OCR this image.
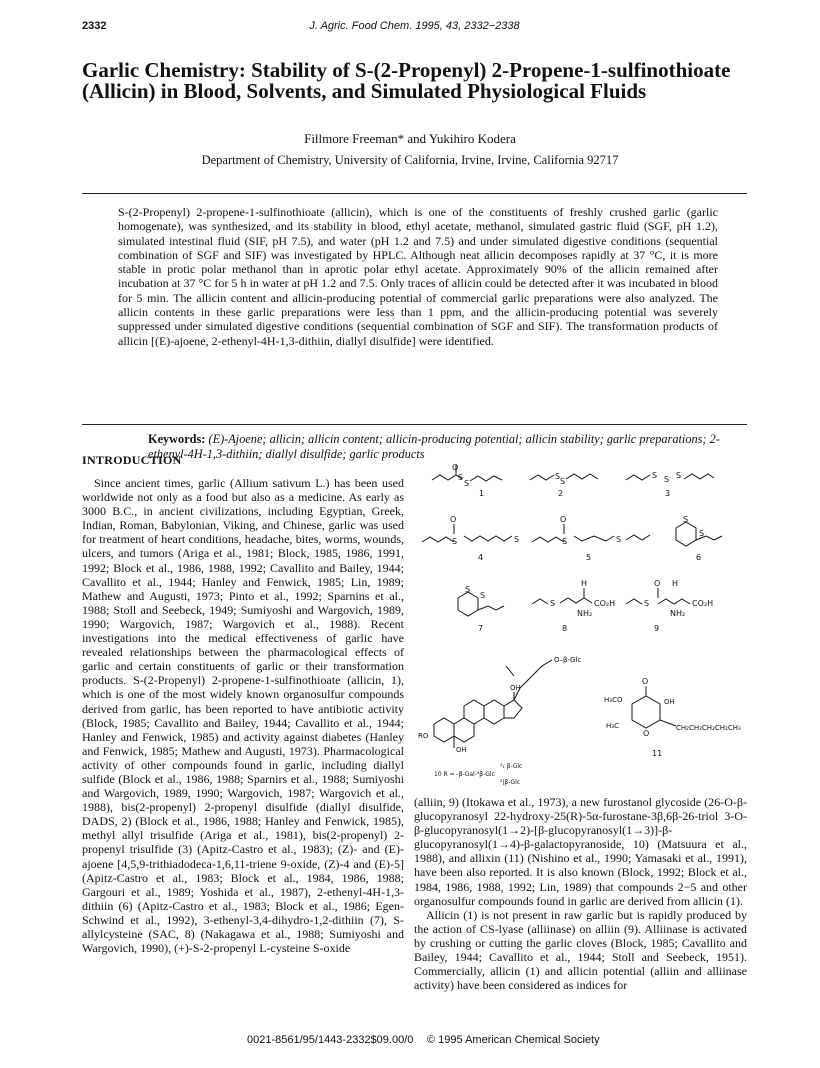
2332	J. Agric. Food Chem. 1995, 43, 2332−2338
Garlic Chemistry: Stability of S-(2-Propenyl) 2-Propene-1-sulfinothioate (Allicin) in Blood, Solvents, and Simulated Physiological Fluids
Fillmore Freeman* and Yukihiro Kodera
Department of Chemistry, University of California, Irvine, Irvine, California 92717

S-(2-Propenyl) 2-propene-1-sulfinothioate (allicin), which is one of the constituents of freshly crushed garlic (garlic homogenate), was synthesized, and its stability in blood, ethyl acetate, methanol, simulated gastric fluid (SGF, pH 1.2), simulated intestinal fluid (SIF, pH 7.5), and water (pH 1.2 and 7.5) and under simulated digestive conditions (sequential combination of SGF and SIF) was investigated by HPLC. Although neat allicin decomposes rapidly at 37 °C, it is more stable in protic polar methanol than in aprotic polar ethyl acetate. Approximately 90% of the allicin remained after incubation at 37 °C for 5 h in water at pH 1.2 and 7.5. Only traces of allicin could be detected after it was incubated in blood for 5 min. The allicin content and allicin-producing potential of commercial garlic preparations were also analyzed. The allicin contents in these garlic preparations were less than 1 ppm, and the allicin-producing potential was severely suppressed under simulated digestive conditions (sequential combination of SGF and SIF). The transformation products of allicin [(E)-ajoene, 2-ethenyl-4H-1,3-dithiin, diallyl disulfide] were identified.

Keywords: (E)-Ajoene; allicin; allicin content; allicin-producing potential; allicin stability; garlic preparations; 2-ethenyl-4H-1,3-dithiin; diallyl disulfide; garlic products

INTRODUCTION

Since ancient times, garlic (Allium sativum L.) has been used worldwide not only as a food but also as a medicine. As early as 3000 B.C., in ancient civilizations, including Egyptian, Greek, Indian, Roman, Babylonian, Viking, and Chinese, garlic was used for treatment of heart conditions, headache, bites, worms, wounds, ulcers, and tumors (Ariga et al., 1981; Block, 1985, 1986, 1991, 1992; Block et al., 1986, 1988, 1992; Cavallito and Bailey, 1944; Cavallito et al., 1944; Hanley and Fenwick, 1985; Lin, 1989; Mathew and Augusti, 1973; Pinto et al., 1992; Sparnins et al., 1988; Stoll and Seebeck, 1949; Sumiyoshi and Wargovich, 1989, 1990; Wargovich, 1987; Wargovich et al., 1988). Recent investigations into the medical effectiveness of garlic have revealed relationships between the pharmacological effects of garlic and certain constituents of garlic or their transformation products. S-(2-Propenyl) 2-propene-1-sulfinothioate (allicin, 1), which is one of the most widely known organosulfur compounds derived from garlic, has been reported to have antibiotic activity (Block, 1985; Cavallito and Bailey, 1944; Cavallito et al., 1944; Hanley and Fenwick, 1985) and activity against diabetes (Hanley and Fenwick, 1985; Mathew and Augusti, 1973). Pharmacological activity of other compounds found in garlic, including diallyl sulfide (Block et al., 1986, 1988; Sparnirs et al., 1988; Sumiyoshi and Wargovich, 1989, 1990; Wargovich, 1987; Wargovich et al., 1988), bis(2-propenyl) 2-propenyl disulfide (diallyl disulfide, DADS, 2) (Block et al., 1986, 1988; Hanley and Fenwick, 1985), methyl allyl trisulfide (Ariga et al., 1981), bis(2-propenyl) 2-propenyl trisulfide (3) (Apitz-Castro et al., 1983); (Z)- and (E)-ajoene [4,5,9-trithiadodeca-1,6,11-triene 9-oxide, (Z)-4 and (E)-5] (Apitz-Castro et al., 1983; Block et al., 1984, 1986, 1988; Gargouri et al., 1989; Yoshida et al., 1987), 2-ethenyl-4H-1,3-dithiin (6) (Apitz-Castro et al., 1983; Block et al., 1986; Egen-Schwind et al., 1992), 3-ethenyl-3,4-dihydro-1,2-dithiin (7), S-allylcysteine (SAC, 8) (Nakagawa et al., 1988; Sumiyoshi and Wargovich, 1990), (+)-S-2-propenyl L-cysteine S-oxide

O
S
S
S
S
S S S
O
S	S
O
S	S
S
S
S
S
S
H
CO₂H
NH₂
O H
S	CO₂H
NH₂
O–β-Glc
OH
RO
OH
³₁ β-Glc
10 R = -β-Gal-⁴β-Glc
²|β-Glc
O
H₃CO	OH
H₃C
O
CH₂CH₂CH₂CH₂CH₃
1	2	3
4	5	6
7	8	9
11

(alliin, 9) (Itokawa et al., 1973), a new furostanol glycoside (26-O-β-glucopyranosyl 22-hydroxy-25(R)-5α-furostane-3β,6β-26-triol 3-O-β-glucopyranosyl(1→2)-[β-glucopyranosyl(1→3)]-β-glucopyranosyl(1→4)-β-galactopyranoside, 10) (Matsuura et al., 1988), and allixin (11) (Nishino et al., 1990; Yamasaki et al., 1991), have been also reported. It is also known (Block, 1992; Block et al., 1984, 1986, 1988, 1992; Lin, 1989) that compounds 2−5 and other organosulfur compounds found in garlic are derived from allicin (1).

Allicin (1) is not present in raw garlic but is rapidly produced by the action of CS-lyase (alliinase) on alliin (9). Alliinase is activated by crushing or cutting the garlic cloves (Block, 1985; Cavallito and Bailey, 1944; Cavallito et al., 1944; Stoll and Seebeck, 1951). Commercially, allicin (1) and allicin potential (alliin and alliinase activity) have been considered as indices for

0021-8561/95/1443-2332$09.00/0 © 1995 American Chemical Society
